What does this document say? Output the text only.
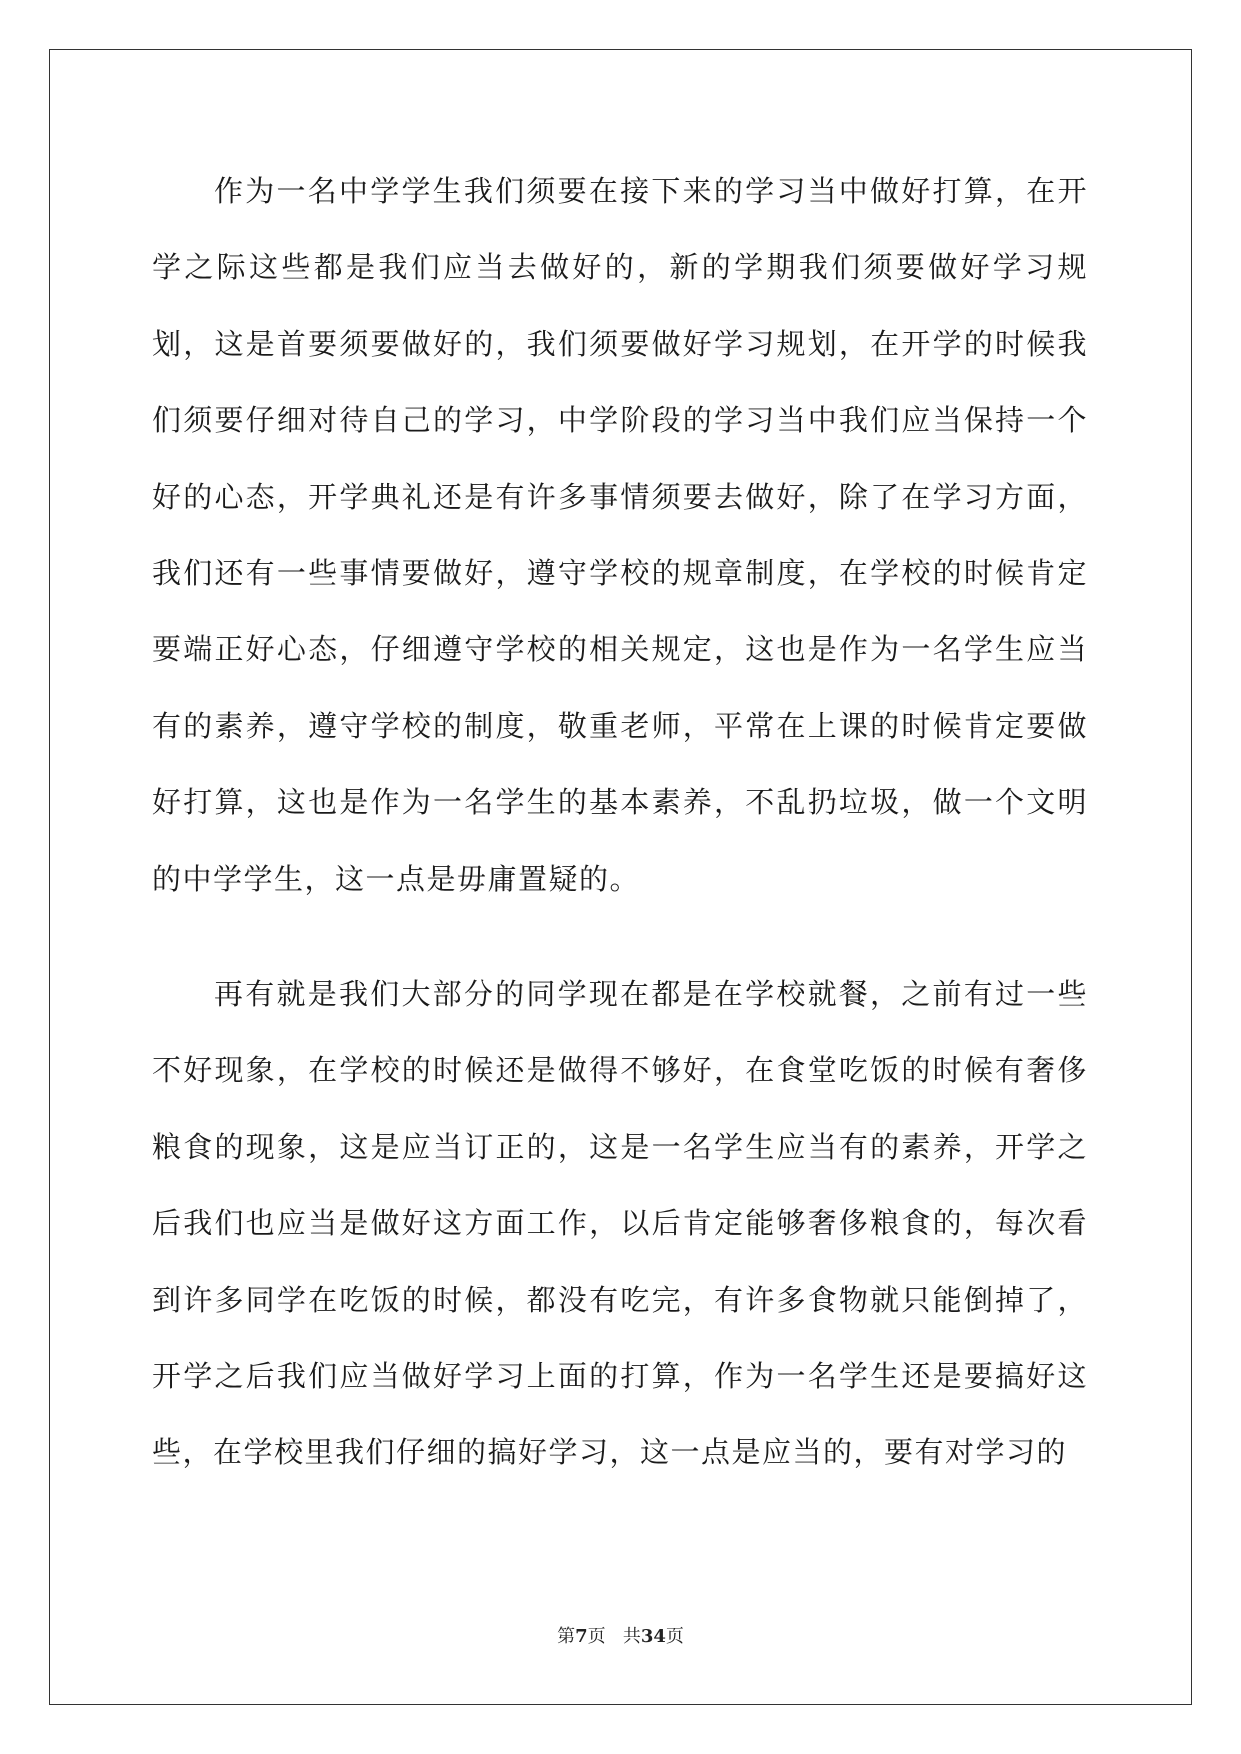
作为一名中学学生我们须要在接下来的学习当中做好打算，在开学之际这些都是我们应当去做好的，新的学期我们须要做好学习规划，这是首要须要做好的，我们须要做好学习规划，在开学的时候我们须要仔细对待自己的学习，中学阶段的学习当中我们应当保持一个好的心态，开学典礼还是有许多事情须要去做好，除了在学习方面，我们还有一些事情要做好，遵守学校的规章制度，在学校的时候肯定要端正好心态，仔细遵守学校的相关规定，这也是作为一名学生应当有的素养，遵守学校的制度，敬重老师，平常在上课的时候肯定要做好打算，这也是作为一名学生的基本素养，不乱扔垃圾，做一个文明的中学学生，这一点是毋庸置疑的。

再有就是我们大部分的同学现在都是在学校就餐，之前有过一些不好现象，在学校的时候还是做得不够好，在食堂吃饭的时候有奢侈粮食的现象，这是应当订正的，这是一名学生应当有的素养，开学之后我们也应当是做好这方面工作，以后肯定能够奢侈粮食的，每次看到许多同学在吃饭的时候，都没有吃完，有许多食物就只能倒掉了，开学之后我们应当做好学习上面的打算，作为一名学生还是要搞好这些，在学校里我们仔细的搞好学习，这一点是应当的，要有对学习的

第7页 共34页
